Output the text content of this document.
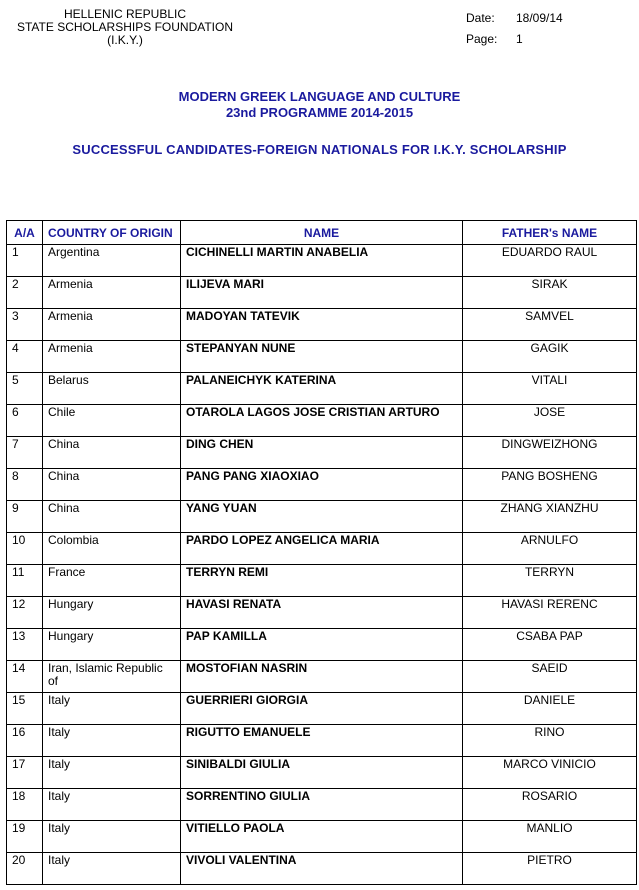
HELLENIC REPUBLIC
STATE SCHOLARSHIPS FOUNDATION
(I.K.Y.)
Date:	18/09/14
Page:	1
MODERN GREEK LANGUAGE AND CULTURE
23nd PROGRAMME 2014-2015
SUCCESSFUL CANDIDATES-FOREIGN NATIONALS FOR I.K.Y. SCHOLARSHIP
A/A	COUNTRY OF ORIGIN	NAME	FATHER's NAME
1	Argentina	CICHINELLI MARTIN ANABELIA	EDUARDO RAUL
2	Armenia	ILIJEVA MARI	SIRAK
3	Armenia	MADOYAN TATEVIK	SAMVEL
4	Armenia	STEPANYAN NUNE	GAGIK
5	Belarus	PALANEICHYK KATERINA	VITALI
6	Chile	OTAROLA LAGOS JOSE CRISTIAN ARTURO	JOSE
7	China	DING CHEN	DINGWEIZHONG
8	China	PANG PANG XIAOXIAO	PANG BOSHENG
9	China	YANG YUAN	ZHANG XIANZHU
10	Colombia	PARDO LOPEZ ANGELICA MARIA	ARNULFO
11	France	TERRYN REMI	TERRYN
12	Hungary	HAVASI RENATA	HAVASI RERENC
13	Hungary	PAP KAMILLA	CSABA PAP
14	Iran, Islamic Republic of	MOSTOFIAN NASRIN	SAEID
15	Italy	GUERRIERI GIORGIA	DANIELE
16	Italy	RIGUTTO EMANUELE	RINO
17	Italy	SINIBALDI GIULIA	MARCO VINICIO
18	Italy	SORRENTINO GIULIA	ROSARIO
19	Italy	VITIELLO PAOLA	MANLIO
20	Italy	VIVOLI VALENTINA	PIETRO
